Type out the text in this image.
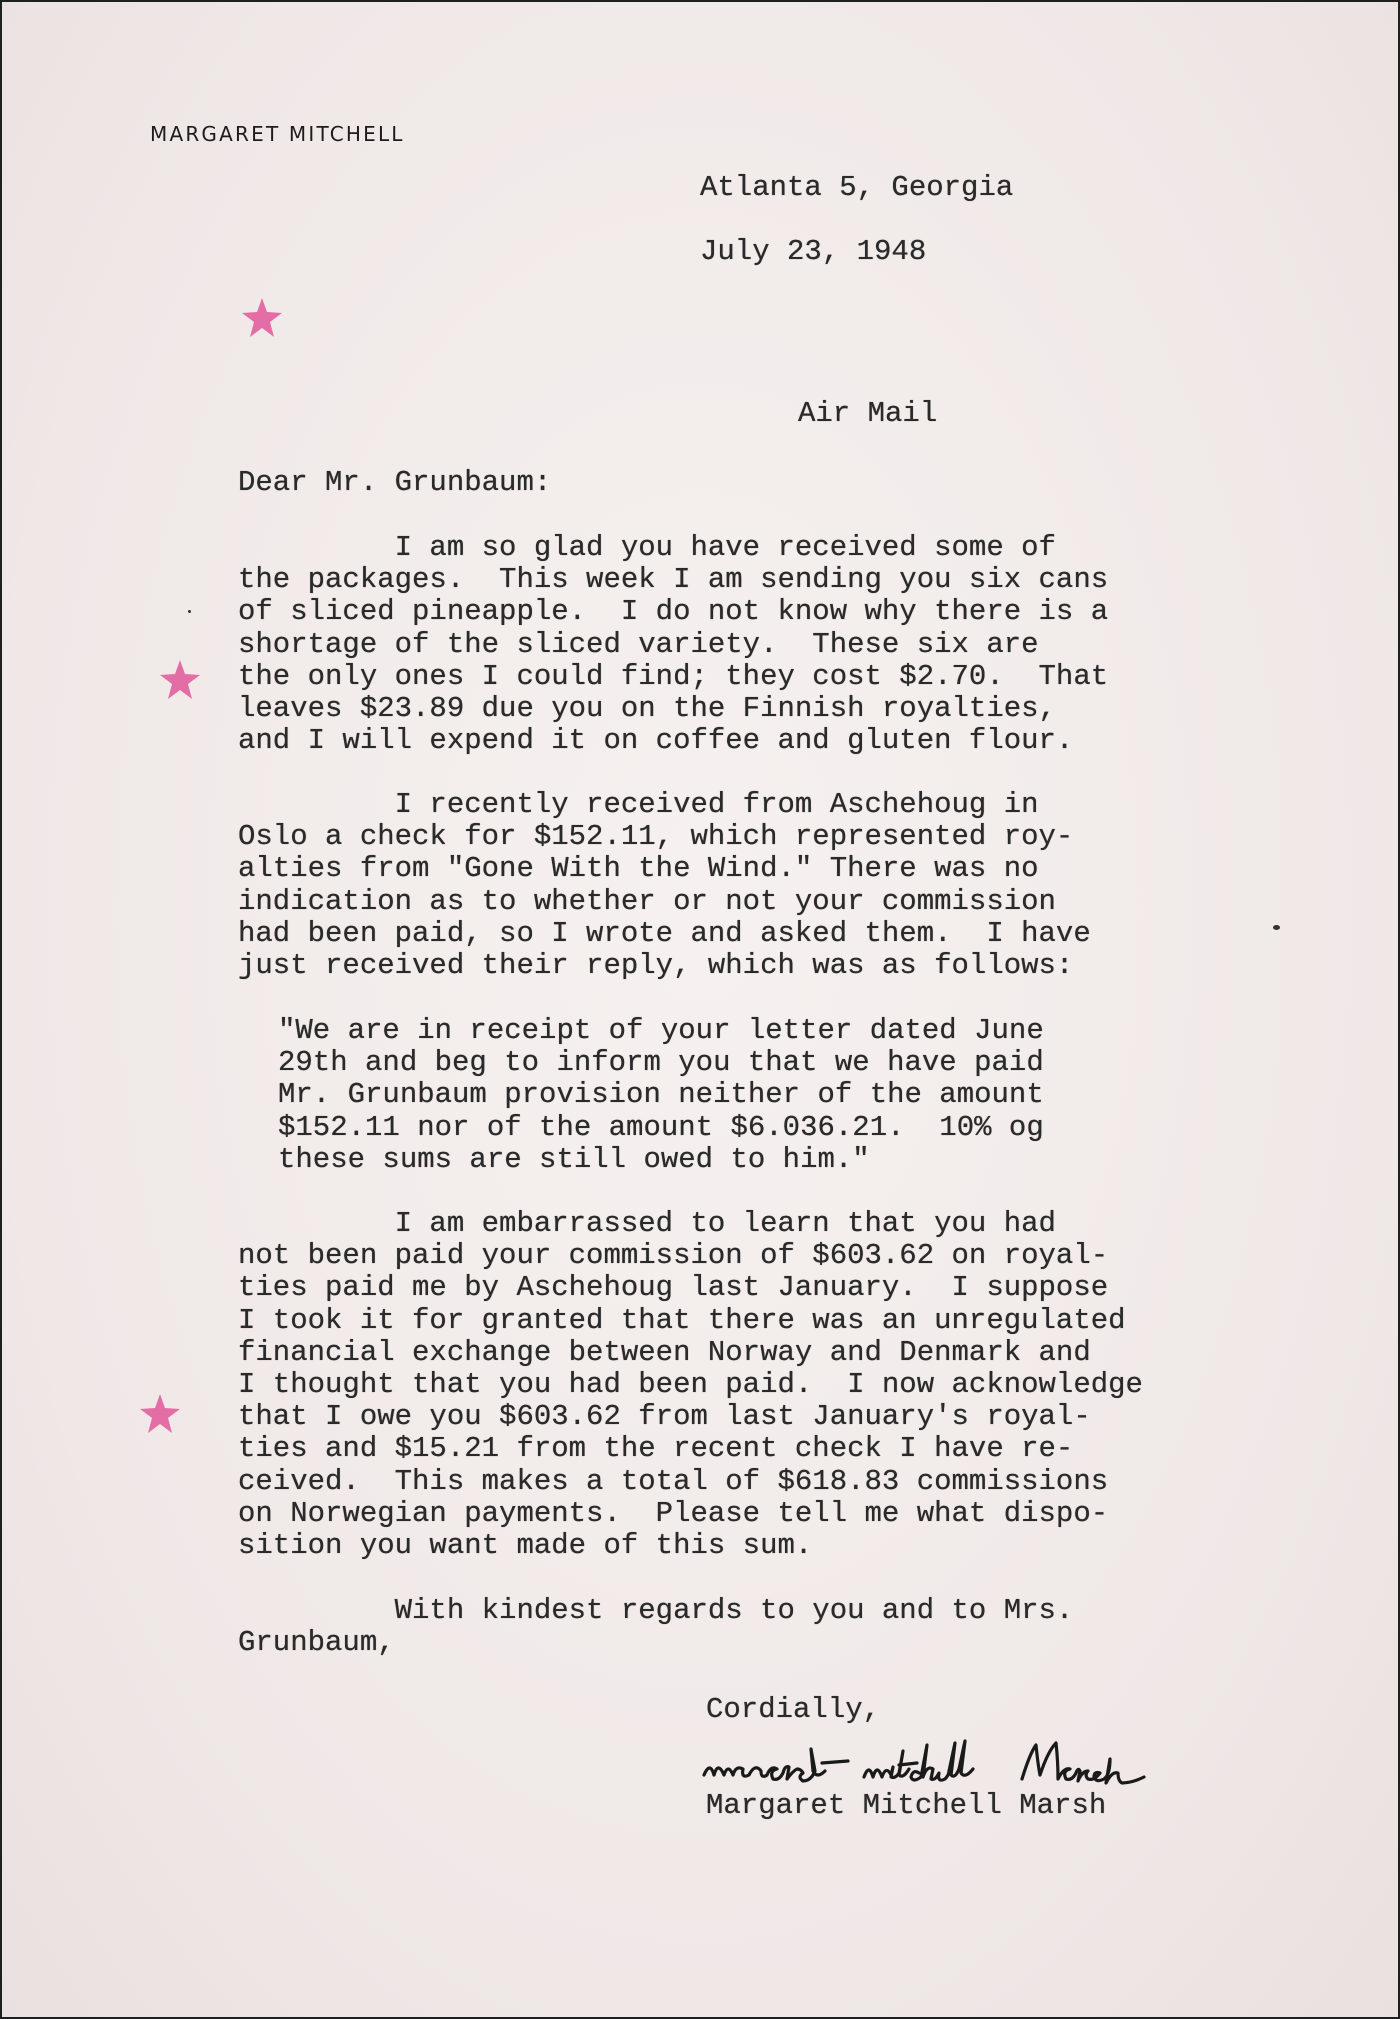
MARGARET MITCHELL
Atlanta 5, Georgia
July 23, 1948
Air Mail
Dear Mr. Grunbaum:
I am so glad you have received some of
the packages.  This week I am sending you six cans
of sliced pineapple.  I do not know why there is a
shortage of the sliced variety.  These six are
the only ones I could find; they cost $2.70.  That
leaves $23.89 due you on the Finnish royalties,
and I will expend it on coffee and gluten flour.
I recently received from Aschehoug in
Oslo a check for $152.11, which represented roy-
alties from "Gone With the Wind." There was no
indication as to whether or not your commission
had been paid, so I wrote and asked them.  I have
just received their reply, which was as follows:
"We are in receipt of your letter dated June
29th and beg to inform you that we have paid
Mr. Grunbaum provision neither of the amount
$152.11 nor of the amount $6.036.21.  10% og
these sums are still owed to him."
I am embarrassed to learn that you had
not been paid your commission of $603.62 on royal-
ties paid me by Aschehoug last January.  I suppose
I took it for granted that there was an unregulated
financial exchange between Norway and Denmark and
I thought that you had been paid.  I now acknowledge
that I owe you $603.62 from last January's royal-
ties and $15.21 from the recent check I have re-
ceived.  This makes a total of $618.83 commissions
on Norwegian payments.  Please tell me what dispo-
sition you want made of this sum.
With kindest regards to you and to Mrs.
Grunbaum,
Cordially,
Margaret Mitchell Marsh
